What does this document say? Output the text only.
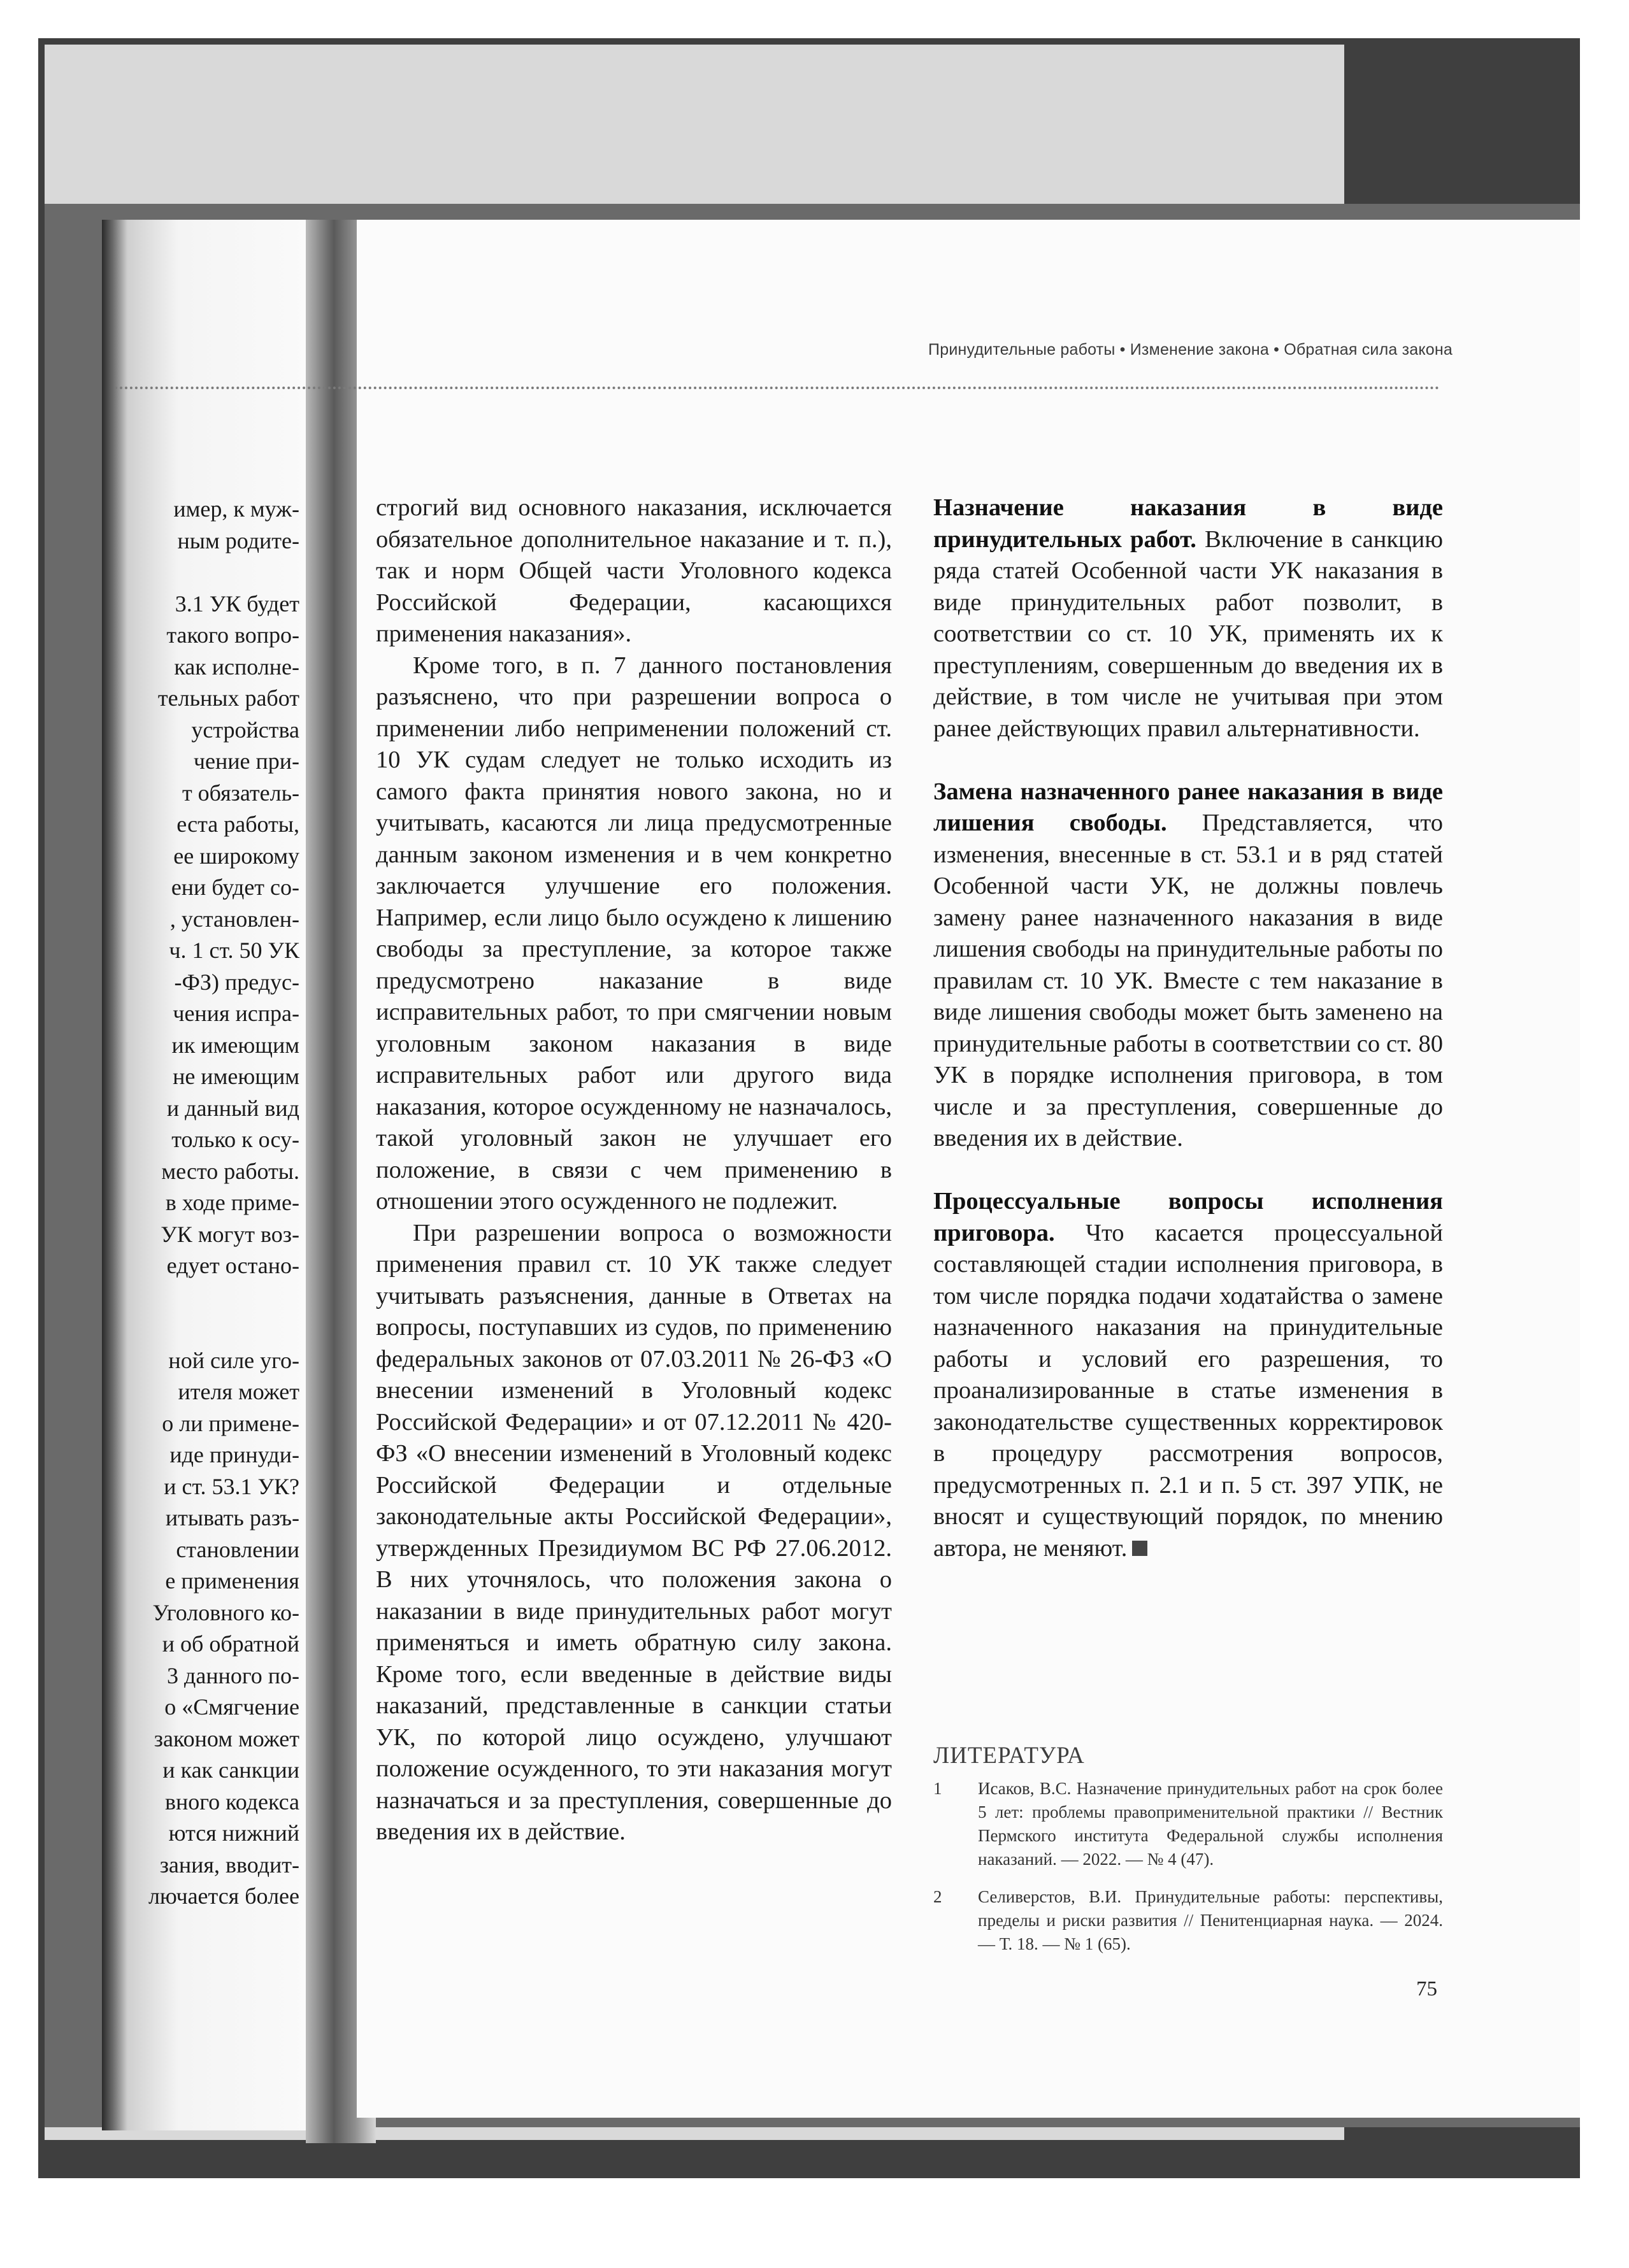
имер, к муж-
ным родите-
3.1 УК будет
такого вопро-
как исполне-
тельных работ
устройства
чение при-
т обязатель-
еста работы,
ее широкому
ени будет со-
, установлен-
ч. 1 ст. 50 УК
-ФЗ) предус-
чения испра-
ик имеющим
не имеющим
и данный вид
только к осу-
место работы.
в ходе приме-
УК могут воз-
едует остано-
ной силе уго-
ителя может
о ли примене-
иде принуди-
и ст. 53.1 УК?
итывать разъ-
становлении
е применения
Уголовного ко-
и об обратной
3 данного по-
о «Смягчение
законом может
и как санкции
вного кодекса
ются нижний
зания, вводит-
лючается более
Принудительные работы • Изменение закона • Обратная сила закона

строгий вид основного наказания, исключается обязательное дополнительное наказание и т. п.), так и норм Общей части Уголовного кодекса Российской Федерации, касающихся применения наказания».

Кроме того, в п. 7 данного постановления разъяснено, что при разрешении вопроса о применении либо неприменении положений ст. 10 УК судам следует не только исходить из самого факта принятия нового закона, но и учитывать, касаются ли лица предусмотренные данным законом изменения и в чем конкретно заключается улучшение его положения. Например, если лицо было осуждено к лишению свободы за преступление, за которое также предусмотрено наказание в виде исправительных работ, то при смягчении новым уголовным законом наказания в виде исправительных работ или другого вида наказания, которое осужденному не назначалось, такой уголовный закон не улучшает его положение, в связи с чем применению в отношении этого осужденного не подлежит.

При разрешении вопроса о возможности применения правил ст. 10 УК также следует учитывать разъяснения, данные в Ответах на вопросы, поступавших из судов, по применению федеральных законов от 07.03.2011 № 26-ФЗ «О внесении изменений в Уголовный кодекс Российской Федерации» и от 07.12.2011 № 420-ФЗ «О внесении изменений в Уголовный кодекс Российской Федерации и отдельные законодательные акты Российской Федерации», утвержденных Президиумом ВС РФ 27.06.2012. В них уточнялось, что положения закона о наказании в виде принудительных работ могут применяться и иметь обратную силу закона. Кроме того, если введенные в действие виды наказаний, представленные в санкции статьи УК, по которой лицо осуждено, улучшают положение осужденного, то эти наказания могут назначаться и за преступления, совершенные до введения их в действие.

Назначение наказания в виде принудительных работ. Включение в санкцию ряда статей Особенной части УК наказания в виде принудительных работ позволит, в соответствии со ст. 10 УК, применять их к преступлениям, совершенным до введения их в действие, в том числе не учитывая при этом ранее действующих правил альтернативности.

Замена назначенного ранее наказания в виде лишения свободы. Представляется, что изменения, внесенные в ст. 53.1 и в ряд статей Особенной части УК, не должны повлечь замену ранее назначенного наказания в виде лишения свободы на принудительные работы по правилам ст. 10 УК. Вместе с тем наказание в виде лишения свободы может быть заменено на принудительные работы в соответствии со ст. 80 УК в порядке исполнения приговора, в том числе и за преступления, совершенные до введения их в действие.

Процессуальные вопросы исполнения приговора. Что касается процессуальной составляющей стадии исполнения приговора, в том числе порядка подачи ходатайства о замене назначенного наказания на принудительные работы и условий его разрешения, то проанализированные в статье изменения в законодательстве существенных корректировок в процедуру рассмотрения вопросов, предусмотренных п. 2.1 и п. 5 ст. 397 УПК, не вносят и существующий порядок, по мнению автора, не меняют.

ЛИТЕРАТУРА
1 Исаков, В.С. Назначение принудительных работ на срок более 5 лет: проблемы правоприменительной практики // Вестник Пермского института Федеральной службы исполнения наказаний. — 2022. — № 4 (47).
2 Селиверстов, В.И. Принудительные работы: перспективы, пределы и риски развития // Пенитенциарная наука. — 2024. — Т. 18. — № 1 (65).
75
